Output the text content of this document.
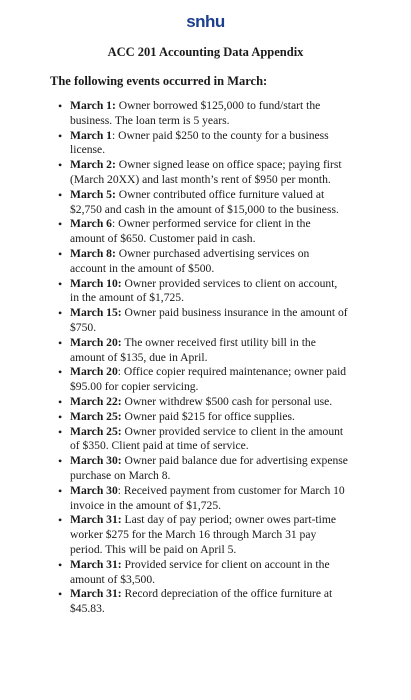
snhu
ACC 201 Accounting Data Appendix
The following events occurred in March:
• March 1: Owner borrowed $125,000 to fund/start the business. The loan term is 5 years.
• March 1: Owner paid $250 to the county for a business license.
• March 2: Owner signed lease on office space; paying first (March 20XX) and last month’s rent of $950 per month.
• March 5: Owner contributed office furniture valued at $2,750 and cash in the amount of $15,000 to the business.
• March 6: Owner performed service for client in the amount of $650. Customer paid in cash.
• March 8: Owner purchased advertising services on account in the amount of $500.
• March 10: Owner provided services to client on account, in the amount of $1,725.
• March 15: Owner paid business insurance in the amount of $750.
• March 20: The owner received first utility bill in the amount of $135, due in April.
• March 20: Office copier required maintenance; owner paid $95.00 for copier servicing.
• March 22: Owner withdrew $500 cash for personal use.
• March 25: Owner paid $215 for office supplies.
• March 25: Owner provided service to client in the amount of $350. Client paid at time of service.
• March 30: Owner paid balance due for advertising expense purchase on March 8.
• March 30: Received payment from customer for March 10 invoice in the amount of $1,725.
• March 31: Last day of pay period; owner owes part-time worker $275 for the March 16 through March 31 pay period. This will be paid on April 5.
• March 31: Provided service for client on account in the amount of $3,500.
• March 31: Record depreciation of the office furniture at $45.83.
